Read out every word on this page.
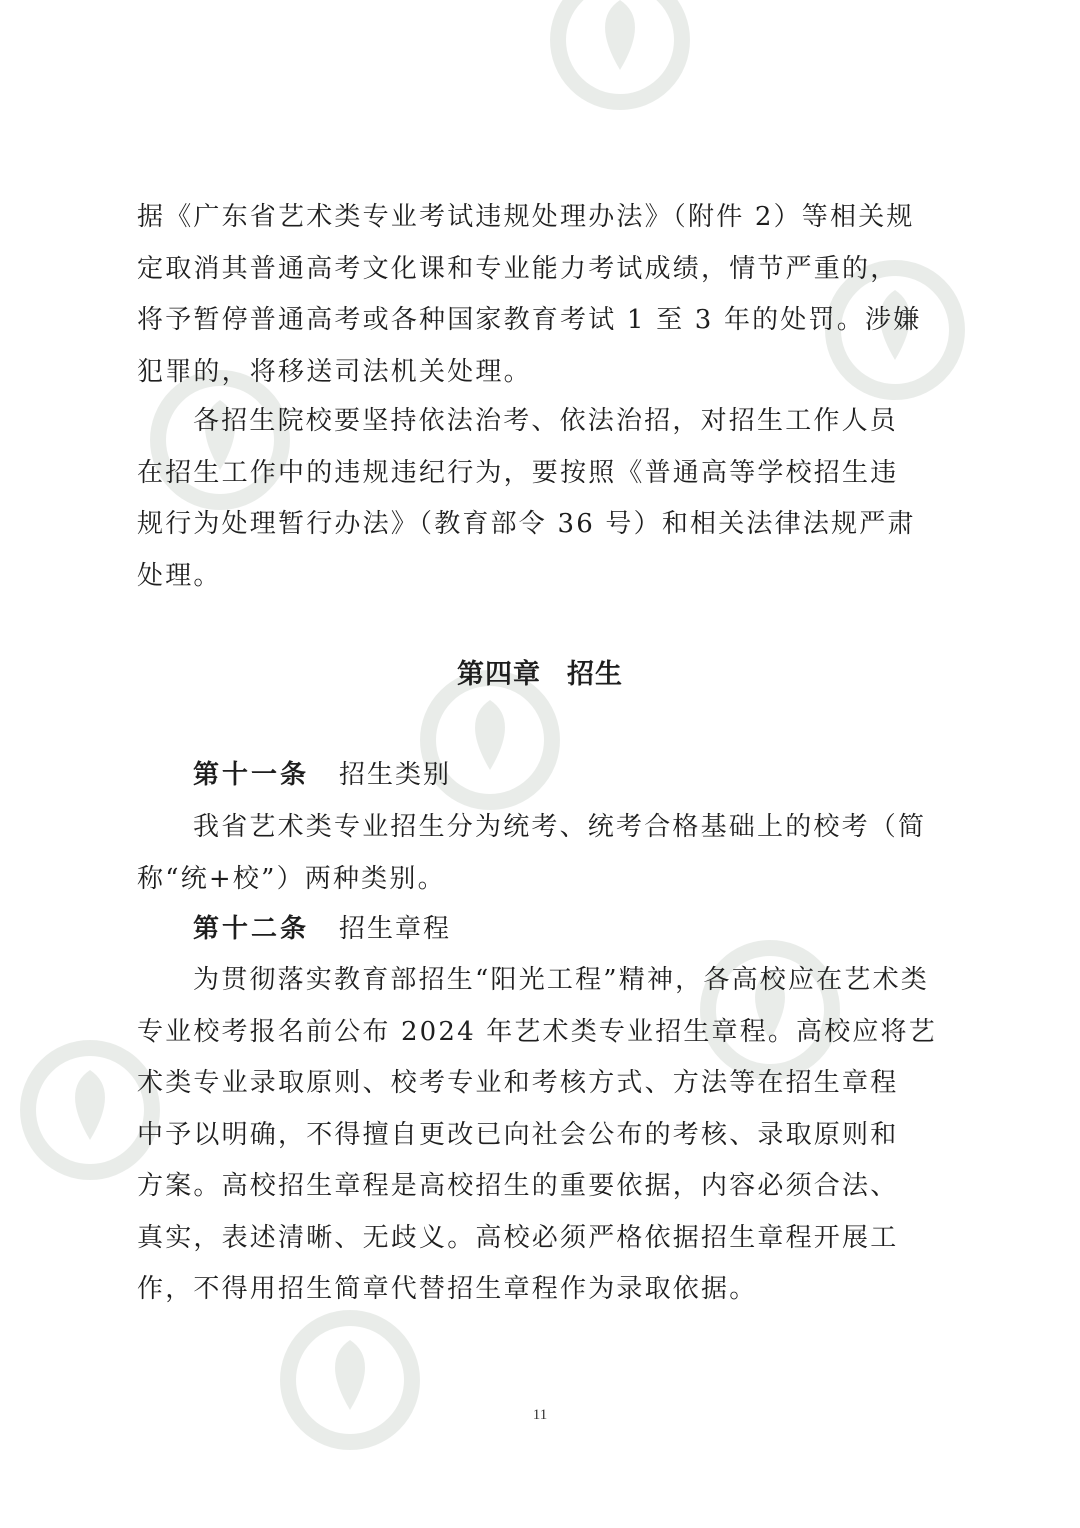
据《广东省艺术类专业考试违规处理办法》（附件 2）等相关规
定取消其普通高考文化课和专业能力考试成绩，情节严重的，
将予暂停普通高考或各种国家教育考试 1 至 3 年的处罚。涉嫌
犯罪的，将移送司法机关处理。
各招生院校要坚持依法治考、依法治招，对招生工作人员
在招生工作中的违规违纪行为，要按照《普通高等学校招生违
规行为处理暂行办法》（教育部令 36 号）和相关法律法规严肃
处理。
第四章 招生
第十一条 招生类别
我省艺术类专业招生分为统考、统考合格基础上的校考（简
称“统+校”）两种类别。
第十二条 招生章程
为贯彻落实教育部招生“阳光工程”精神，各高校应在艺术类
专业校考报名前公布 2024 年艺术类专业招生章程。高校应将艺
术类专业录取原则、校考专业和考核方式、方法等在招生章程
中予以明确，不得擅自更改已向社会公布的考核、录取原则和
方案。高校招生章程是高校招生的重要依据，内容必须合法、
真实，表述清晰、无歧义。高校必须严格依据招生章程开展工
作，不得用招生简章代替招生章程作为录取依据。
11
